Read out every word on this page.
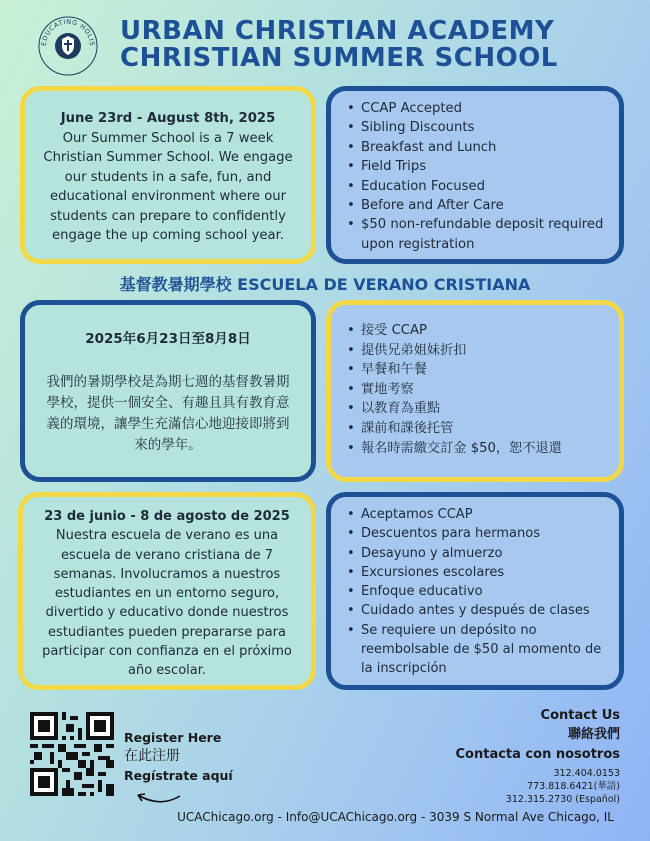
EDUCATING HOLIS URBAN CHRISTIAN ACADEMY
CHRISTIAN SUMMER SCHOOL
June 23rd - August 8th, 2025
Our Summer School is a 7 week Christian Summer School. We engage our students in a safe, fun, and educational environment where our students can prepare to confidently engage the up coming school year.
• CCAP Accepted
• Sibling Discounts
• Breakfast and Lunch
• Field Trips
• Education Focused
• Before and After Care
• $50 non-refundable deposit required upon registration
基督教暑期學校 ESCUELA DE VERANO CRISTIANA
2025年6月23日至8月8日
我們的暑期學校是為期七週的基督教暑期學校，提供一個安全、有趣且具有教育意義的環境，讓學生充滿信心地迎接即將到來的學年。
• 接受 CCAP
• 提供兄弟姐妹折扣
• 早餐和午餐
• 實地考察
• 以教育為重點
• 課前和課後托管
• 報名時需繳交訂金 $50，恕不退還
23 de junio - 8 de agosto de 2025
Nuestra escuela de verano es una escuela de verano cristiana de 7 semanas. Involucramos a nuestros estudiantes en un entorno seguro, divertido y educativo donde nuestros estudiantes pueden prepararse para participar con confianza en el próximo año escolar.
• Aceptamos CCAP
• Descuentos para hermanos
• Desayuno y almuerzo
• Excursiones escolares
• Enfoque educativo
• Cuidado antes y después de clases
• Se requiere un depósito no reembolsable de $50 al momento de la inscripción
Register Here
在此注册
Regístrate aquí
Contact Us
聯絡我們
Contacta con nosotros
312.404.0153
773.818.6421(華語)
312.315.2730 (Español)
UCAChicago.org - Info@UCAChicago.org - 3039 S Normal Ave Chicago, IL
